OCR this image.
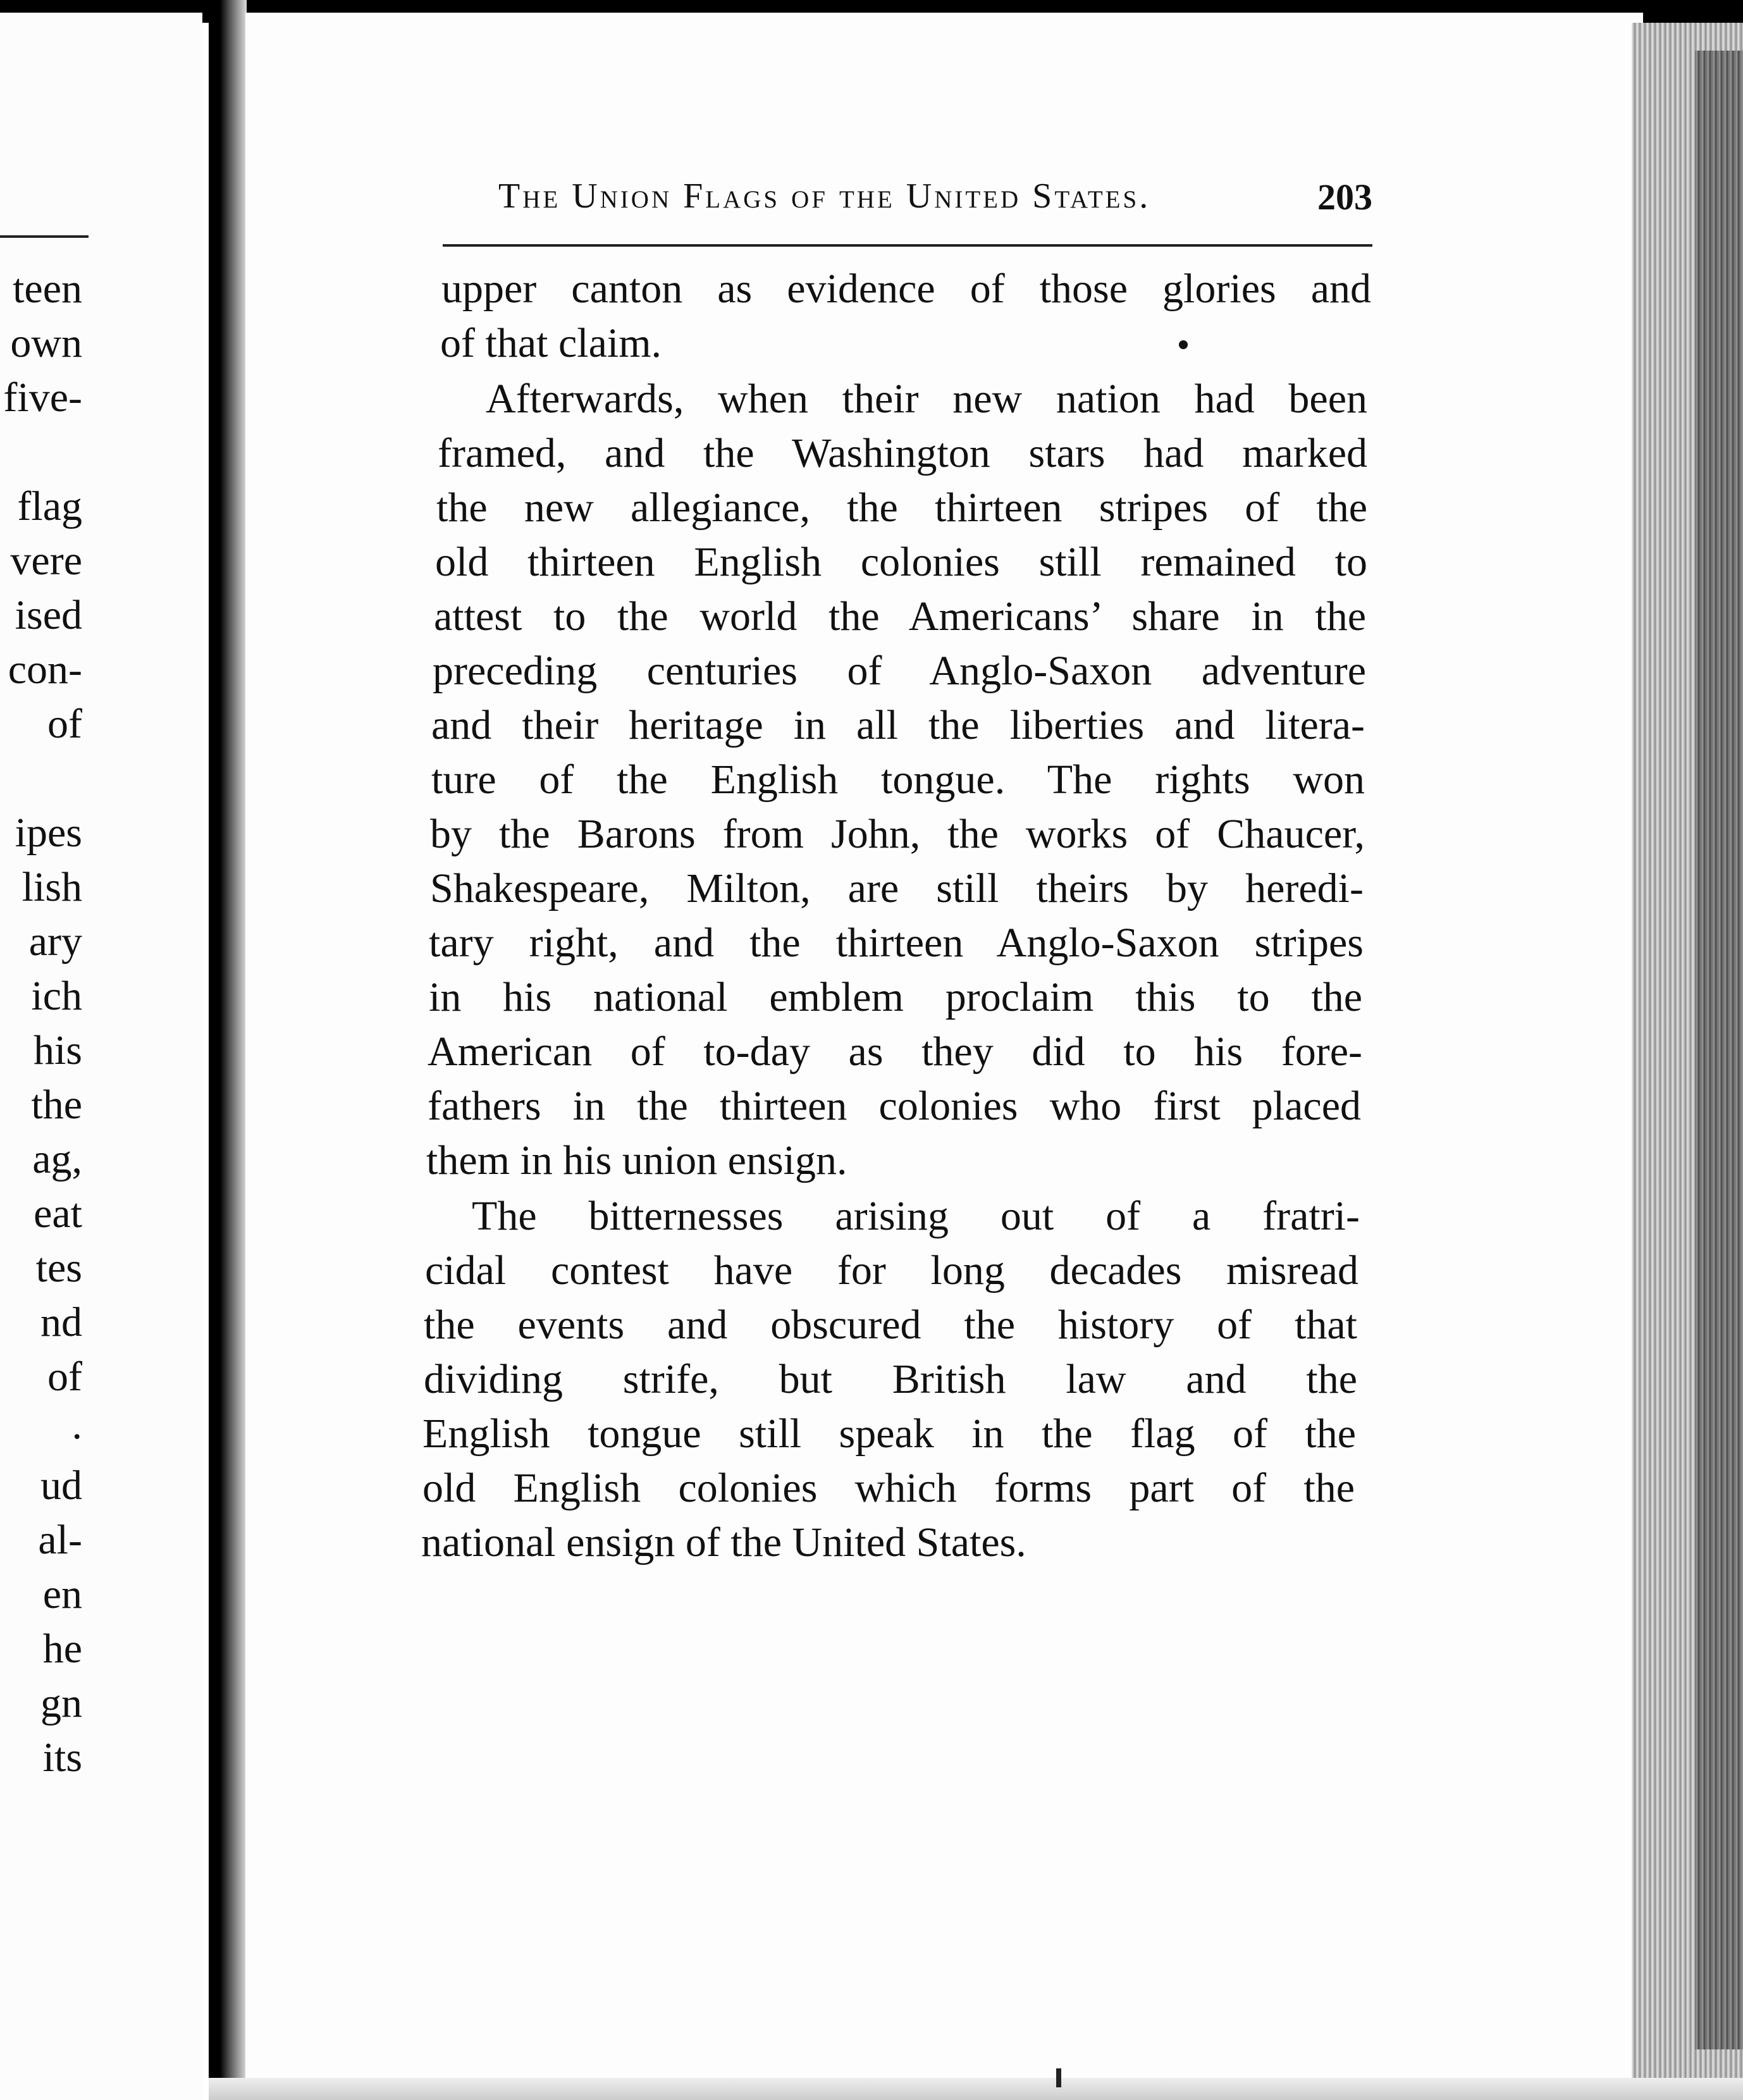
teen
own
five-
flag
vere
ised
con-
of
ipes
lish
ary
ich
his
the
ag,
eat
tes
nd
of
.
ud
al-
en
he
gn
its
The Union Flags of the United States.	203
upper canton as evidence of those glories and
of that claim.
Afterwards, when their new nation had been
framed, and the Washington stars had marked
the new allegiance, the thirteen stripes of the
old thirteen English colonies still remained to
attest to the world the Americans’ share in the
preceding centuries of Anglo-Saxon adventure
and their heritage in all the liberties and litera-
ture of the English tongue. The rights won
by the Barons from John, the works of Chaucer,
Shakespeare, Milton, are still theirs by heredi-
tary right, and the thirteen Anglo-Saxon stripes
in his national emblem proclaim this to the
American of to-day as they did to his fore-
fathers in the thirteen colonies who first placed
them in his union ensign.
The bitternesses arising out of a fratri-
cidal contest have for long decades misread
the events and obscured the history of that
dividing strife, but British law and the
English tongue still speak in the flag of the
old English colonies which forms part of the
national ensign of the United States.
